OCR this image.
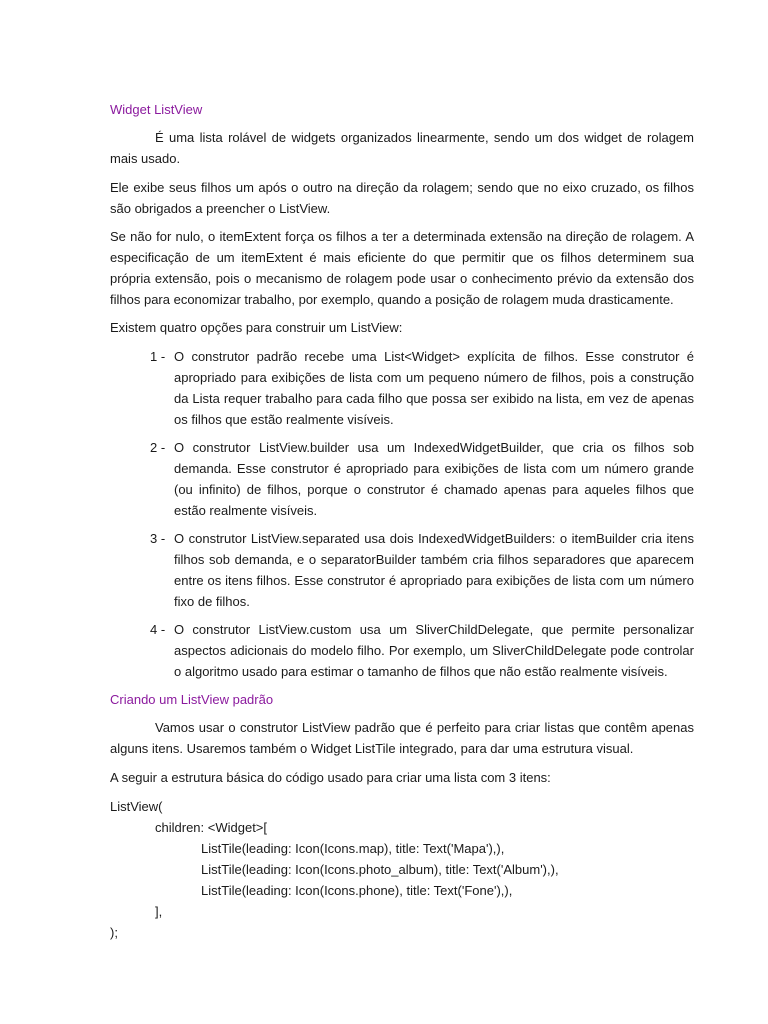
Widget ListView

É uma lista rolável de widgets organizados linearmente, sendo um dos widget de rolagem mais usado.

Ele exibe seus filhos um após o outro na direção da rolagem; sendo que no eixo cruzado, os filhos são obrigados a preencher o ListView.

Se não for nulo, o itemExtent força os filhos a ter a determinada extensão na direção de rolagem. A especificação de um itemExtent é mais eficiente do que permitir que os filhos determinem sua própria extensão, pois o mecanismo de rolagem pode usar o conhecimento prévio da extensão dos filhos para economizar trabalho, por exemplo, quando a posição de rolagem muda drasticamente.

Existem quatro opções para construir um ListView:

1 - O construtor padrão recebe uma List<Widget> explícita de filhos. Esse construtor é apropriado para exibições de lista com um pequeno número de filhos, pois a construção da Lista requer trabalho para cada filho que possa ser exibido na lista, em vez de apenas os filhos que estão realmente visíveis.
2 - O construtor ListView.builder usa um IndexedWidgetBuilder, que cria os filhos sob demanda. Esse construtor é apropriado para exibições de lista com um número grande (ou infinito) de filhos, porque o construtor é chamado apenas para aqueles filhos que estão realmente visíveis.
3 - O construtor ListView.separated usa dois IndexedWidgetBuilders: o itemBuilder cria itens filhos sob demanda, e o separatorBuilder também cria filhos separadores que aparecem entre os itens filhos. Esse construtor é apropriado para exibições de lista com um número fixo de filhos.
4 - O construtor ListView.custom usa um SliverChildDelegate, que permite personalizar aspectos adicionais do modelo filho. Por exemplo, um SliverChildDelegate pode controlar o algoritmo usado para estimar o tamanho de filhos que não estão realmente visíveis.
Criando um ListView padrão

Vamos usar o construtor ListView padrão que é perfeito para criar listas que contêm apenas alguns itens. Usaremos também o Widget ListTile integrado, para dar uma estrutura visual.

A seguir a estrutura básica do código usado para criar uma lista com 3 itens:

ListView(
children: <Widget>[
ListTile(leading: Icon(Icons.map), title: Text('Mapa'),),
ListTile(leading: Icon(Icons.photo_album), title: Text('Album'),),
ListTile(leading: Icon(Icons.phone), title: Text('Fone'),),
],
);
